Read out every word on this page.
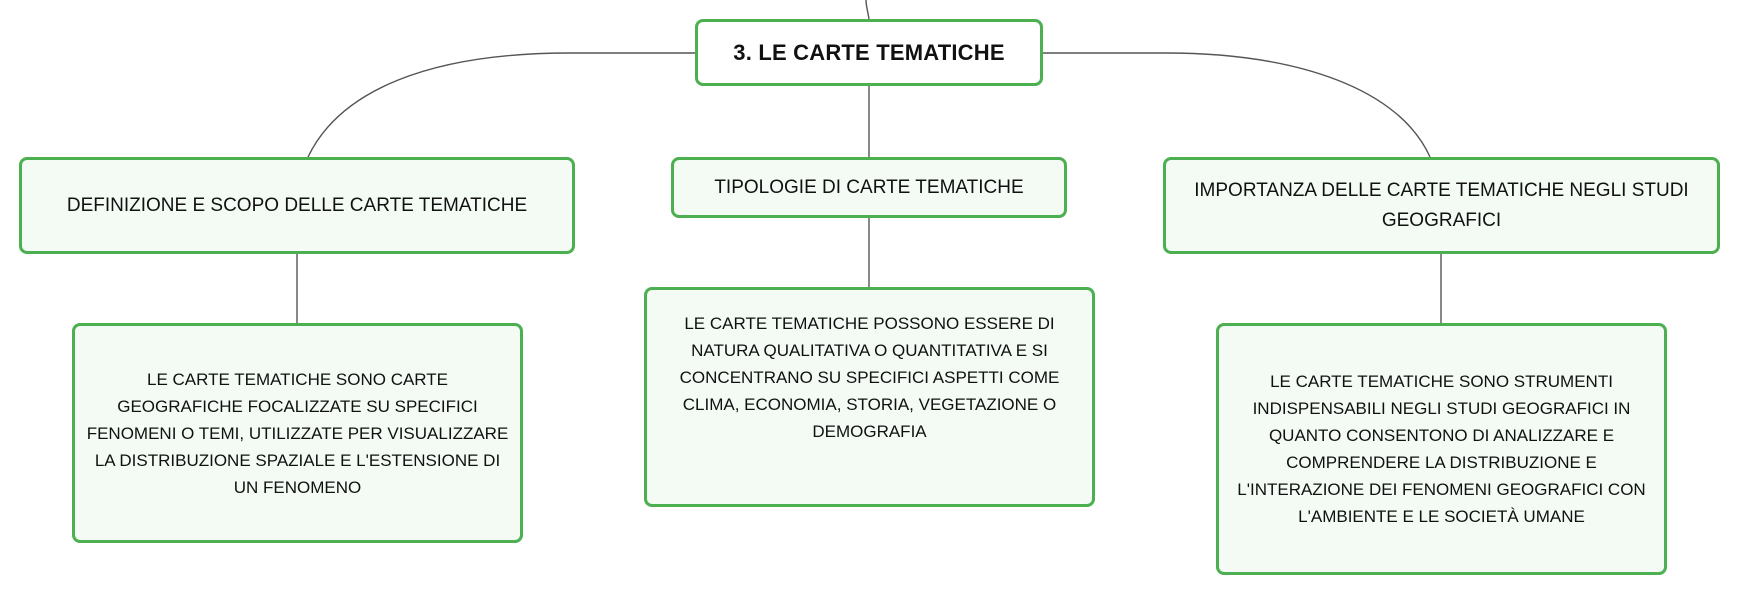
3. LE CARTE TEMATICHE
DEFINIZIONE E SCOPO DELLE CARTE TEMATICHE
TIPOLOGIE DI CARTE TEMATICHE	IMPORTANZA DELLE CARTE TEMATICHE NEGLI STUDI GEOGRAFICI
LE CARTE TEMATICHE SONO CARTE GEOGRAFICHE FOCALIZZATE SU SPECIFICI FENOMENI O TEMI, UTILIZZATE PER VISUALIZZARE LA DISTRIBUZIONE SPAZIALE E L'ESTENSIONE DI UN FENOMENO
LE CARTE TEMATICHE POSSONO ESSERE DI NATURA QUALITATIVA O QUANTITATIVA E SI CONCENTRANO SU SPECIFICI ASPETTI COME CLIMA, ECONOMIA, STORIA, VEGETAZIONE O DEMOGRAFIA
LE CARTE TEMATICHE SONO STRUMENTI INDISPENSABILI NEGLI STUDI GEOGRAFICI IN QUANTO CONSENTONO DI ANALIZZARE E COMPRENDERE LA DISTRIBUZIONE E L'INTERAZIONE DEI FENOMENI GEOGRAFICI CON L'AMBIENTE E LE SOCIETÀ UMANE
